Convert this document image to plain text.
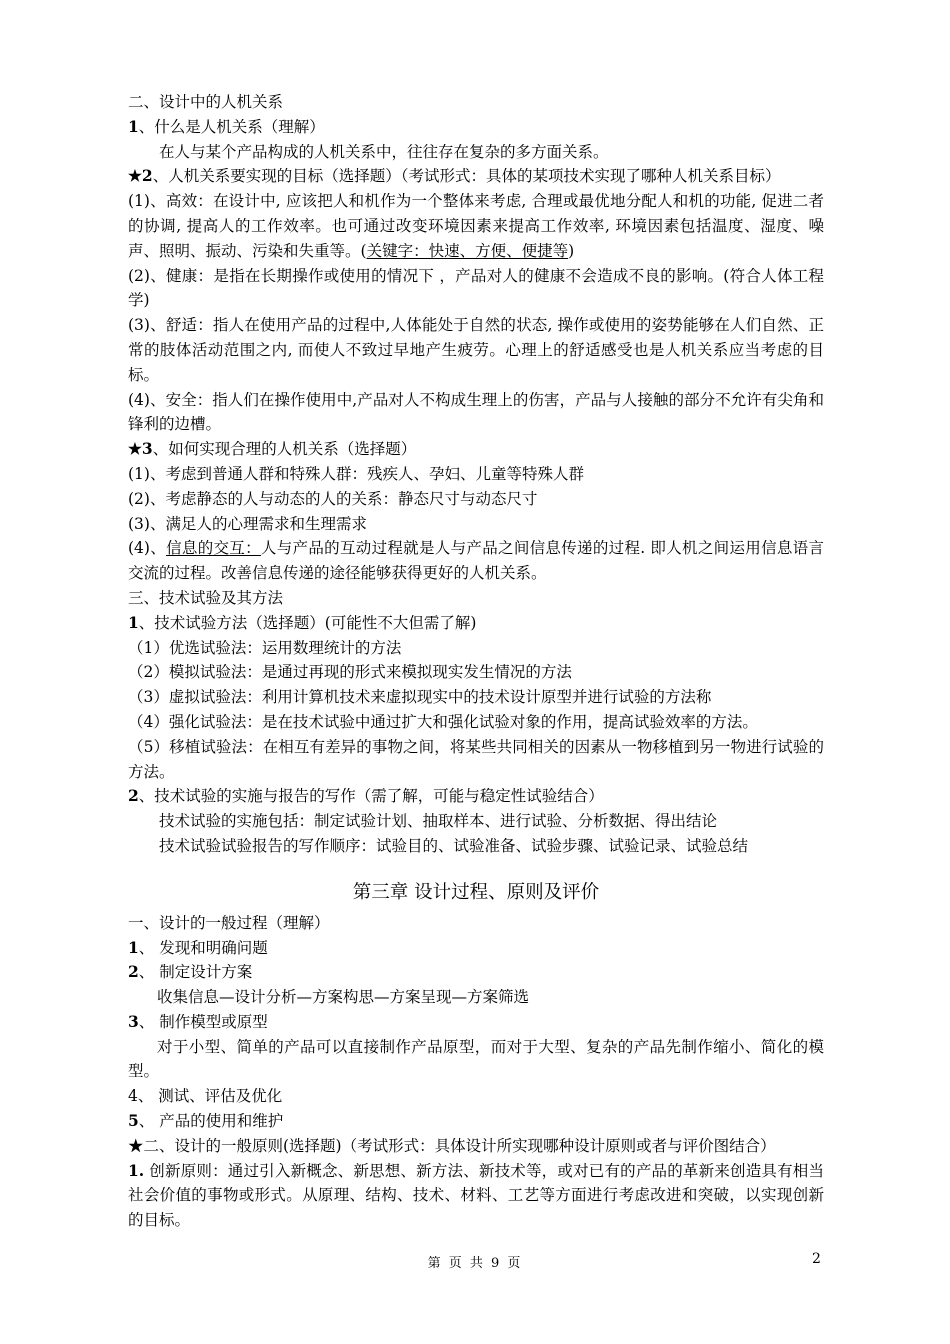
二、设计中的人机关系
1、什么是人机关系（理解）
在人与某个产品构成的人机关系中，往往存在复杂的多方面关系。
★2、人机关系要实现的目标（选择题）（考试形式：具体的某项技术实现了哪种人机关系目标）
(1)、高效：在设计中, 应该把人和机作为一个整体来考虑, 合理或最优地分配人和机的功能, 促进二者的协调, 提高人的工作效率。也可通过改变环境因素来提高工作效率, 环境因素包括温度、湿度、噪声、照明、振动、污染和失重等。(关键字：快速、方便、便捷等)
(2)、健康：是指在长期操作或使用的情况下 ，产品对人的健康不会造成不良的影响。(符合人体工程学)
(3)、舒适：指人在使用产品的过程中,人体能处于自然的状态, 操作或使用的姿势能够在人们自然、正常的肢体活动范围之内, 而使人不致过早地产生疲劳。心理上的舒适感受也是人机关系应当考虑的目标。
(4)、安全：指人们在操作使用中,产品对人不构成生理上的伤害，产品与人接触的部分不允许有尖角和锋利的边槽。
★3、如何实现合理的人机关系（选择题）
(1)、考虑到普通人群和特殊人群：残疾人、孕妇、儿童等特殊人群
(2)、考虑静态的人与动态的人的关系：静态尺寸与动态尺寸
(3)、满足人的心理需求和生理需求
(4)、信息的交互：人与产品的互动过程就是人与产品之间信息传递的过程. 即人机之间运用信息语言交流的过程。改善信息传递的途径能够获得更好的人机关系。
三、技术试验及其方法
1、技术试验方法（选择题）(可能性不大但需了解)
（1）优选试验法：运用数理统计的方法
（2）模拟试验法：是通过再现的形式来模拟现实发生情况的方法
（3）虚拟试验法：利用计算机技术来虚拟现实中的技术设计原型并进行试验的方法称
（4）强化试验法：是在技术试验中通过扩大和强化试验对象的作用，提高试验效率的方法。
（5）移植试验法：在相互有差异的事物之间，将某些共同相关的因素从一物移植到另一物进行试验的方法。
2、技术试验的实施与报告的写作（需了解，可能与稳定性试验结合）
技术试验的实施包括：制定试验计划、抽取样本、进行试验、分析数据、得出结论
技术试验试验报告的写作顺序：试验目的、试验准备、试验步骤、试验记录、试验总结
第三章 设计过程、原则及评价
一、设计的一般过程（理解）
1、 发现和明确问题
2、 制定设计方案
收集信息—设计分析—方案构思—方案呈现—方案筛选
3、 制作模型或原型
对于小型、简单的产品可以直接制作产品原型，而对于大型、复杂的产品先制作缩小、简化的模型。
4、 测试、评估及优化
5、 产品的使用和维护
★二、设计的一般原则(选择题)（考试形式：具体设计所实现哪种设计原则或者与评价图结合）
1. 创新原则：通过引入新概念、新思想、新方法、新技术等，或对已有的产品的革新来创造具有相当社会价值的事物或形式。从原理、结构、技术、材料、工艺等方面进行考虑改进和突破，以实现创新的目标。
第 页 共 9 页	2
